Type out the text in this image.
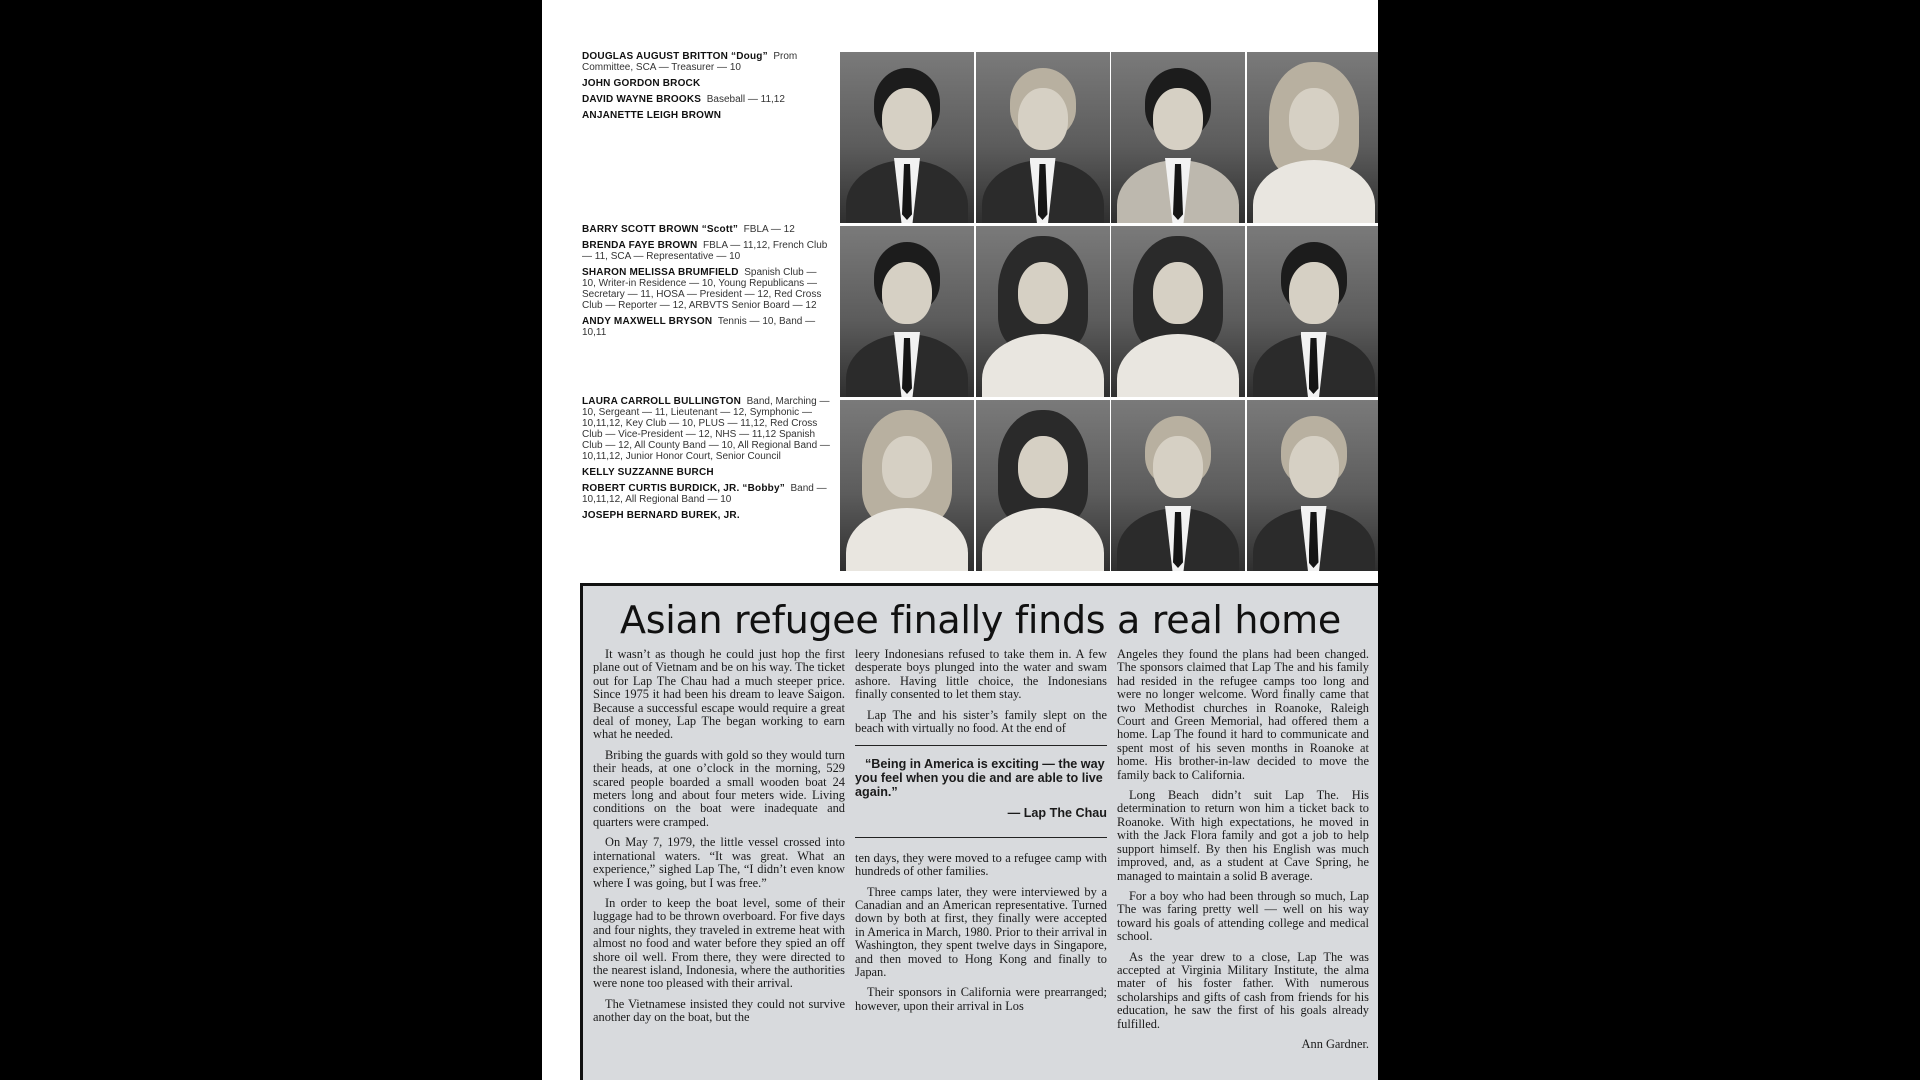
DOUGLAS AUGUST BRITTON “Doug” Prom Committee, SCA — Treasurer — 10
JOHN GORDON BROCK
DAVID WAYNE BROOKS Baseball — 11,12
ANJANETTE LEIGH BROWN
BARRY SCOTT BROWN “Scott” FBLA — 12
BRENDA FAYE BROWN FBLA — 11,12, French Club — 11, SCA — Representative — 10
SHARON MELISSA BRUMFIELD Spanish Club — 10, Writer-in Residence — 10, Young Republicans — Secretary — 11, HOSA — President — 12, Red Cross Club — Reporter — 12, ARBVTS Senior Board — 12
ANDY MAXWELL BRYSON Tennis — 10, Band — 10,11
LAURA CARROLL BULLINGTON Band, Marching — 10, Sergeant — 11, Lieutenant — 12, Symphonic — 10,11,12, Key Club — 10, PLUS — 11,12, Red Cross Club — Vice-President — 12, NHS — 11,12 Spanish Club — 12, All County Band — 10, All Regional Band — 10,11,12, Junior Honor Court, Senior Council
KELLY SUZZANNE BURCH
ROBERT CURTIS BURDICK, JR. “Bobby” Band — 10,11,12, All Regional Band — 10
JOSEPH BERNARD BUREK, JR.
Asian refugee finally finds a real home

It wasn’t as though he could just hop the first plane out of Vietnam and be on his way. The ticket out for Lap The Chau had a much steeper price. Since 1975 it had been his dream to leave Saigon. Because a successful escape would require a great deal of money, Lap The began working to earn what he needed.

Bribing the guards with gold so they would turn their heads, at one o’clock in the morning, 529 scared people boarded a small wooden boat 24 meters long and about four meters wide. Living conditions on the boat were inadequate and quarters were cramped.

On May 7, 1979, the little vessel crossed into international waters. “It was great. What an experience,” sighed Lap The, “I didn’t even know where I was going, but I was free.”

In order to keep the boat level, some of their luggage had to be thrown overboard. For five days and four nights, they traveled in extreme heat with almost no food and water before they spied an off shore oil well. From there, they were directed to the nearest island, Indonesia, where the authorities were none too pleased with their arrival.

The Vietnamese insisted they could not survive another day on the boat, but the

leery Indonesians refused to take them in. A few desperate boys plunged into the water and swam ashore. Having little choice, the Indonesians finally consented to let them stay.

Lap The and his sister’s family slept on the beach with virtually no food. At the end of

“Being in America is exciting — the way you feel when you die and are able to live again.”
— Lap The Chau

ten days, they were moved to a refugee camp with hundreds of other families.

Three camps later, they were interviewed by a Canadian and an American representative. Turned down by both at first, they finally were accepted in America in March, 1980. Prior to their arrival in Washington, they spent twelve days in Singapore, and then moved to Hong Kong and finally to Japan.

Their sponsors in California were prearranged; however, upon their arrival in Los

Angeles they found the plans had been changed. The sponsors claimed that Lap The and his family had resided in the refugee camps too long and were no longer welcome. Word finally came that two Methodist churches in Roanoke, Raleigh Court and Green Memorial, had offered them a home. Lap The found it hard to communicate and spent most of his seven months in Roanoke at home. His brother-in-law decided to move the family back to California.

Long Beach didn’t suit Lap The. His determination to return won him a ticket back to Roanoke. With high expectations, he moved in with the Jack Flora family and got a job to help support himself. By then his English was much improved, and, as a student at Cave Spring, he managed to maintain a solid B average.

For a boy who had been through so much, Lap The was faring pretty well — well on his way toward his goals of attending college and medical school.

As the year drew to a close, Lap The was accepted at Virginia Military Institute, the alma mater of his foster father. With numerous scholarships and gifts of cash from friends for his education, he saw the first of his goals already fulfilled.

Ann Gardner.
